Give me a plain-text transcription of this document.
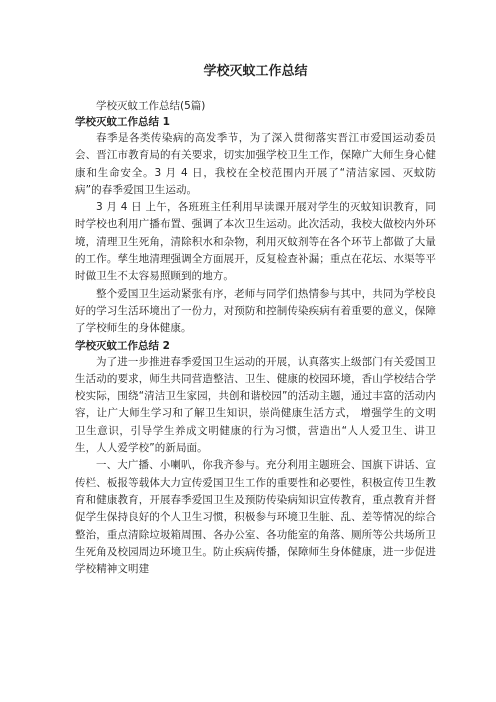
学校灭蚊工作总结

学校灭蚊工作总结(5篇)

学校灭蚊工作总结 1

春季是各类传染病的高发季节，为了深入贯彻落实晋江市爱国运动委员会、晋江市教育局的有关要求，切实加强学校卫生工作，保障广大师生身心健康和生命安全。3 月 4 日，我校在全校范围内开展了“清洁家园、灭蚊防病”的春季爱国卫生运动。

3 月 4 日 上午，各班班主任利用早读课开展对学生的灭蚊知识教育，同时学校也利用广播布置、强调了本次卫生运动。此次活动，我校大做校内外环境，清理卫生死角，清除积水和杂物，利用灭蚊剂等在各个环节上都做了大量的工作。孳生地清理强调全方面展开，反复检查补漏；重点在花坛、水渠等平时做卫生不太容易照顾到的地方。

整个爱国卫生运动紧张有序，老师与同学们热情参与其中，共同为学校良好的学习生活环境出了一份力，对预防和控制传染疾病有着重要的意义，保障了学校师生的身体健康。

学校灭蚊工作总结 2

为了进一步推进春季爱国卫生运动的开展，认真落实上级部门有关爱国卫生活动的要求，师生共同营造整洁、卫生、健康的校园环境，香山学校结合学校实际，围绕“清洁卫生家园，共创和谐校园”的活动主题，通过丰富的活动内容，让广大师生学习和了解卫生知识，崇尚健康生活方式， 增强学生的文明卫生意识，引导学生养成文明健康的行为习惯，营造出“人人爱卫生、讲卫生，人人爱学校”的新局面。

一、大广播、小喇叭，你我齐参与。充分利用主题班会、国旗下讲话、宣传栏、板报等载体大力宣传爱国卫生工作的重要性和必要性，积极宣传卫生教育和健康教育，开展春季爱国卫生及预防传染病知识宣传教育，重点教育并督促学生保持良好的个人卫生习惯，积极参与环境卫生脏、乱、差等情况的综合整治，重点清除垃圾箱周围、各办公室、各功能室的角落、厕所等公共场所卫生死角及校园周边环境卫生。防止疾病传播，保障师生身体健康，进一步促进学校精神文明建
